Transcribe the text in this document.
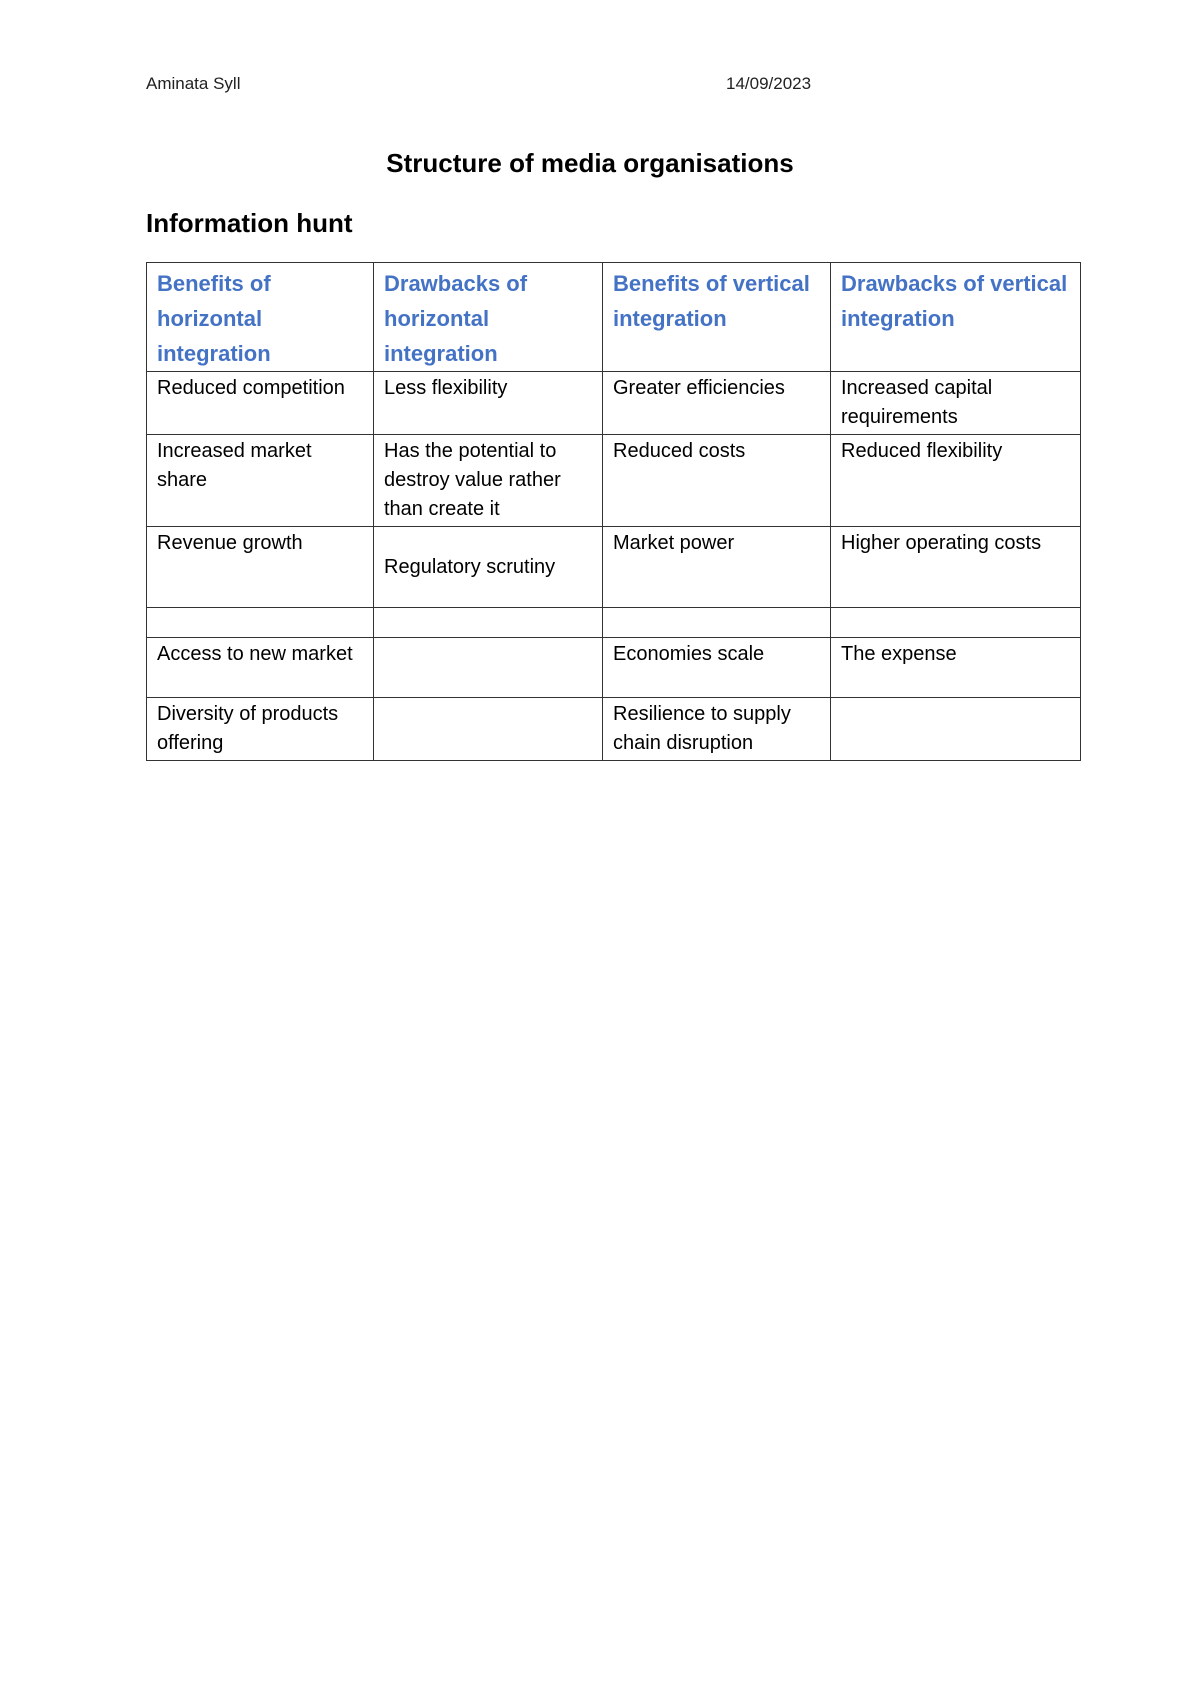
Aminata Syll	14/09/2023
Structure of media organisations
Information hunt
Benefits of horizontal integration	Drawbacks of horizontal integration	Benefits of vertical integration	Drawbacks of vertical integration
Reduced competition	Less flexibility	Greater efficiencies	Increased capital requirements
Increased market share	Has the potential to destroy value rather than create it	Reduced costs	Reduced flexibility
Revenue growth	Regulatory scrutiny	Market power	Higher operating costs

Access to new market		Economies scale	The expense
Diversity of products offering		Resilience to supply chain disruption	
